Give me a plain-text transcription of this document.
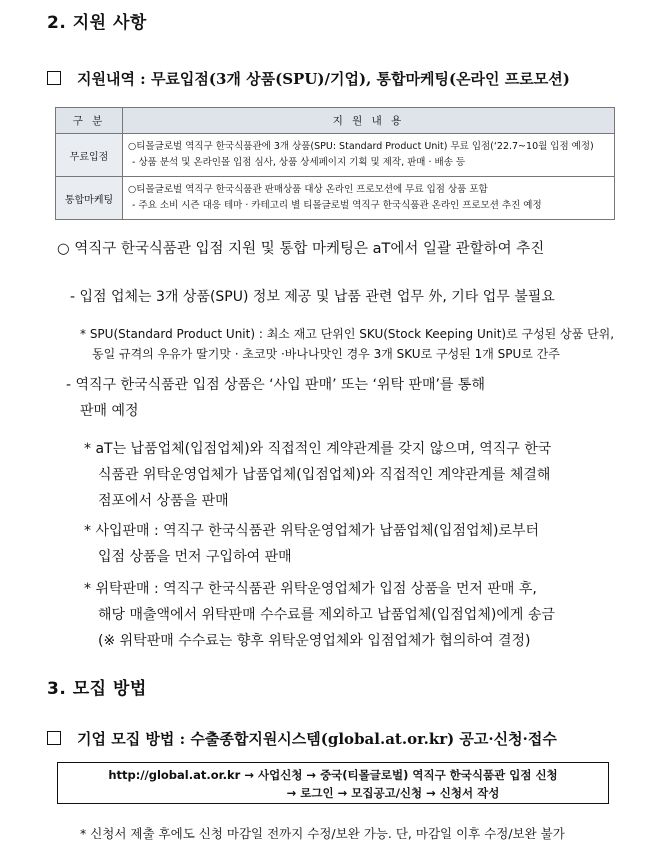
2. 지원 사항
지원내역 : 무료입점(3개 상품(SPU)/기업), 통합마케팅(온라인 프로모션)
구 분	지 원 내 용
무료입점	○티몰글로벌 역직구 한국식품관에 3개 상품(SPU: Standard Product Unit) 무료 입점(‘22.7~10월 입점 예정)
- 상품 분석 및 온라인몰 입점 심사, 상품 상세페이지 기획 및 제작, 판매 · 배송 등

통합마케팅	○티몰글로벌 역직구 한국식품관 판매상품 대상 온라인 프로모션에 무료 입점 상품 포함
- 주요 소비 시즌 대응 테마 · 카테고리 별 티몰글로벌 역직구 한국식품관 온라인 프로모션 추진 예정
○ 역직구 한국식품관 입점 지원 및 통합 마케팅은 aT에서 일괄 관할하여 추진
- 입점 업체는 3개 상품(SPU) 정보 제공 및 납품 관련 업무 外, 기타 업무 불필요
* SPU(Standard Product Unit) : 최소 재고 단위인 SKU(Stock Keeping Unit)로 구성된 상품 단위,
동일 규격의 우유가 딸기맛 · 초코맛 ·바나나맛인 경우 3개 SKU로 구성된 1개 SPU로 간주
- 역직구 한국식품관 입점 상품은 ‘사입 판매’ 또는 ‘위탁 판매’를 통해
판매 예정
* aT는 납품업체(입점업체)와 직접적인 계약관계를 갖지 않으며, 역직구 한국
식품관 위탁운영업체가 납품업체(입점업체)와 직접적인 계약관계를 체결해
점포에서 상품을 판매
* 사입판매 : 역직구 한국식품관 위탁운영업체가 납품업체(입점업체)로부터
입점 상품을 먼저 구입하여 판매
* 위탁판매 : 역직구 한국식품관 위탁운영업체가 입점 상품을 먼저 판매 후,
해당 매출액에서 위탁판매 수수료를 제외하고 납품업체(입점업체)에게 송금
(※ 위탁판매 수수료는 향후 위탁운영업체와 입점업체가 협의하여 결정)
3. 모집 방법
기업 모집 방법 : 수출종합지원시스템(global.at.or.kr) 공고·신청·접수
http://global.at.or.kr → 사업신청 → 중국(티몰글로벌) 역직구 한국식품관 입점 신청
→ 로그인 → 모집공고/신청 → 신청서 작성
* 신청서 제출 후에도 신청 마감일 전까지 수정/보완 가능. 단, 마감일 이후 수정/보완 불가
